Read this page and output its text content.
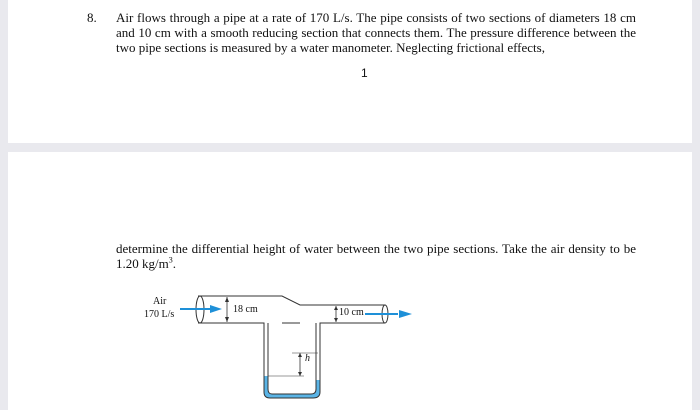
8. Air flows through a pipe at a rate of 170 L/s. The pipe consists of two sections of diameters 18 cm and 10 cm with a smooth reducing section that connects them. The pressure difference between the two pipe sections is measured by a water manometer. Neglecting frictional effects,

1

determine the differential height of water between the two pipe sections. Take the air density to be 1.20 $kg/m^3$.

Air
170 L/s	18 cm	10 cm
h
